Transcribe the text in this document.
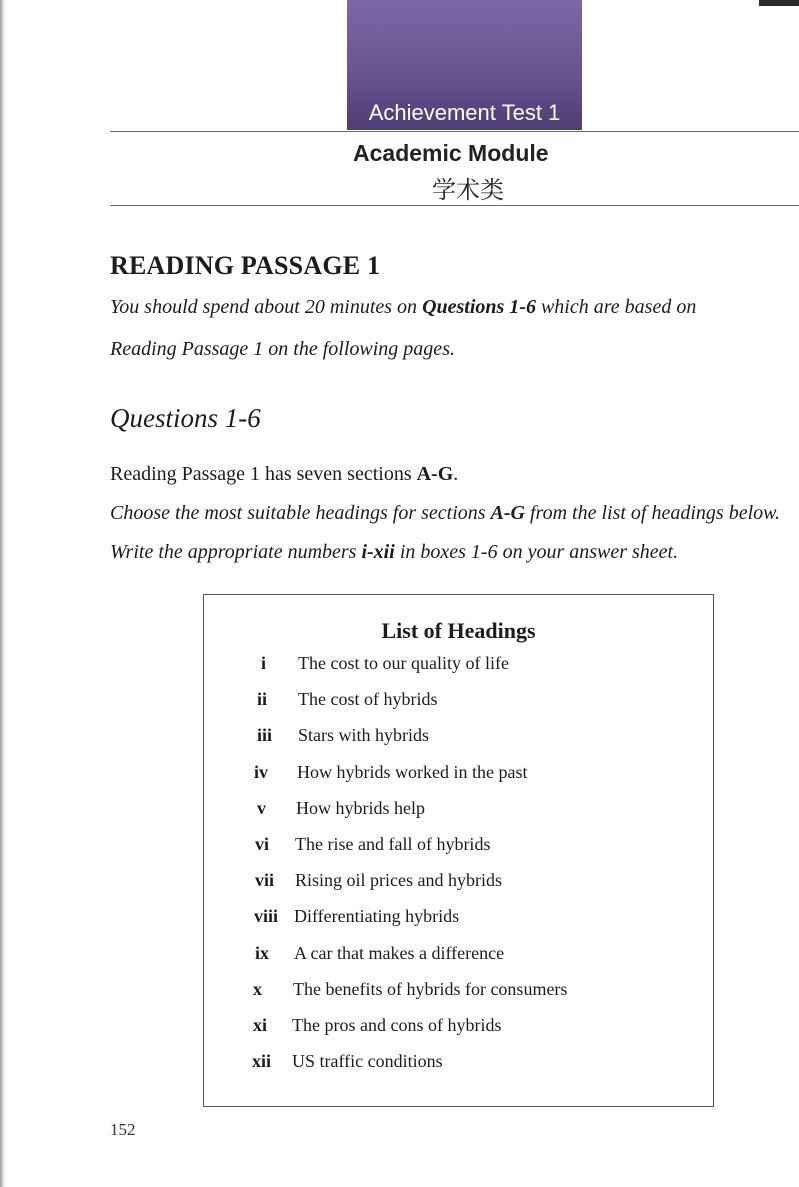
Achievement Test 1
Academic Module
学术类
READING PASSAGE 1
You should spend about 20 minutes on Questions 1-6 which are based on
Reading Passage 1 on the following pages.
Questions 1-6
Reading Passage 1 has seven sections A-G.
Choose the most suitable headings for sections A-G from the list of headings below.
Write the appropriate numbers i-xii in boxes 1-6 on your answer sheet.
List of Headings
i The cost to our quality of life
ii The cost of hybrids
iii Stars with hybrids
iv How hybrids worked in the past
v How hybrids help
vi The rise and fall of hybrids
vii Rising oil prices and hybrids
viii Differentiating hybrids
ix A car that makes a difference
x The benefits of hybrids for consumers
xi The pros and cons of hybrids
xii US traffic conditions
152
